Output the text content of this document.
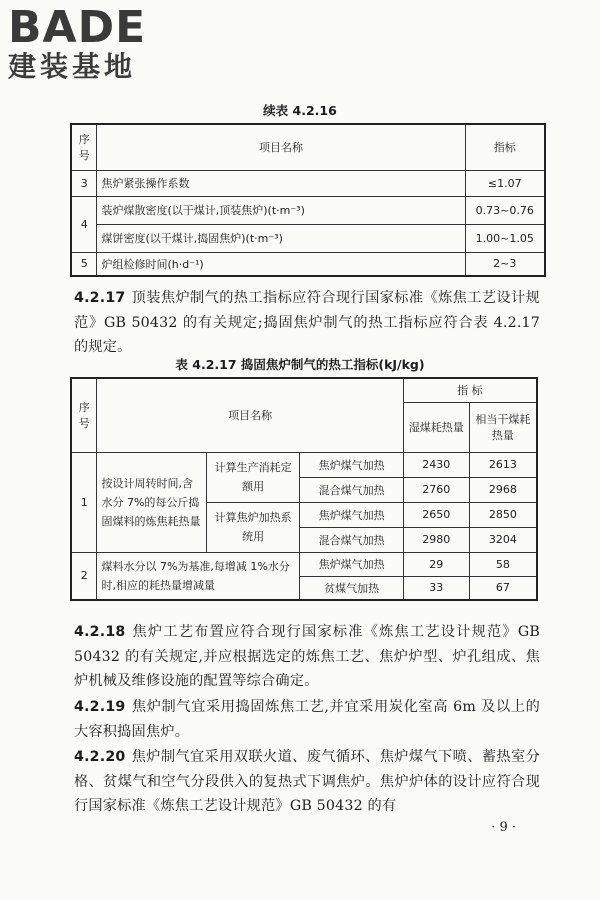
BADE
建装基地
续表 4.2.16
序号	项目名称	指标
3	焦炉紧张操作系数	≤1.07
4	装炉煤散密度(以干煤计,顶装焦炉)(t·m⁻³)	0.73~0.76
	煤饼密度(以干煤计,捣固焦炉)(t·m⁻³)	1.00~1.05
5	炉组检修时间(h·d⁻¹)	2~3
4.2.17 顶装焦炉制气的热工指标应符合现行国家标准《炼焦工艺设计规范》GB 50432 的有关规定;捣固焦炉制气的热工指标应符合表 4.2.17 的规定。
表 4.2.17 捣固焦炉制气的热工指标(kJ/kg)
序号	项目名称			指 标	
				湿煤耗热量	相当干煤耗热量
1	按设计周转时间,含水分 7%的每公斤捣固煤料的炼焦耗热量	计算生产消耗定额用	焦炉煤气加热	2430	2613
			混合煤气加热	2760	2968
		计算焦炉加热系统用	焦炉煤气加热	2650	2850
			混合煤气加热	2980	3204
2	煤料水分以 7%为基准,每增减 1%水分时,相应的耗热量增减量		焦炉煤气加热	29	58
			贫煤气加热	33	67
4.2.18 焦炉工艺布置应符合现行国家标准《炼焦工艺设计规范》GB 50432 的有关规定,并应根据选定的炼焦工艺、焦炉炉型、炉孔组成、焦炉机械及维修设施的配置等综合确定。
4.2.19 焦炉制气宜采用捣固炼焦工艺,并宜采用炭化室高 6m 及以上的大容积捣固焦炉。
4.2.20 焦炉制气宜采用双联火道、废气循环、焦炉煤气下喷、蓄热室分格、贫煤气和空气分段供入的复热式下调焦炉。焦炉炉体的设计应符合现行国家标准《炼焦工艺设计规范》GB 50432 的有
· 9 ·
